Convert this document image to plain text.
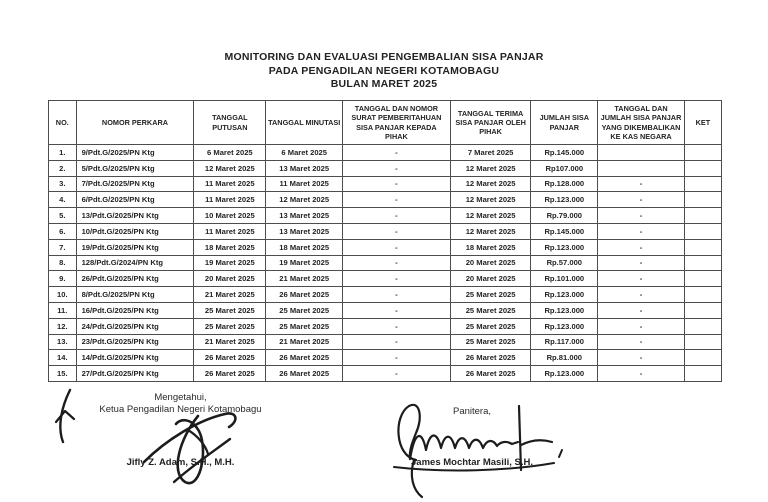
MONITORING DAN EVALUASI PENGEMBALIAN SISA PANJAR
PADA PENGADILAN NEGERI KOTAMOBAGU
BULAN MARET 2025
NO.	NOMOR PERKARA	TANGGAL PUTUSAN	TANGGAL MINUTASI	TANGGAL DAN NOMOR SURAT PEMBERITAHUAN SISA PANJAR KEPADA PIHAK	TANGGAL TERIMA SISA PANJAR OLEH PIHAK	JUMLAH SISA PANJAR	TANGGAL DAN JUMLAH SISA PANJAR YANG DIKEMBALIKAN KE KAS NEGARA	KET
1.	9/Pdt.G/2025/PN Ktg	6 Maret 2025	6 Maret 2025	-	7 Maret 2025	Rp.145.000		
2.	5/Pdt.G/2025/PN Ktg	12 Maret 2025	13 Maret 2025	-	12 Maret 2025	Rp107.000		
3.	7/Pdt.G/2025/PN Ktg	11 Maret 2025	11 Maret 2025	-	12 Maret 2025	Rp.128.000	-	
4.	6/Pdt.G/2025/PN Ktg	11 Maret 2025	12 Maret 2025	-	12 Maret 2025	Rp.123.000	-	
5.	13/Pdt.G/2025/PN Ktg	10 Maret 2025	13 Maret 2025	-	12 Maret 2025	Rp.79.000	-	
6.	10/Pdt.G/2025/PN Ktg	11 Maret 2025	13 Maret 2025	-	12 Maret 2025	Rp.145.000	-	
7.	19/Pdt.G/2025/PN Ktg	18 Maret 2025	18 Maret 2025	-	18 Maret 2025	Rp.123.000	-	
8.	128/Pdt.G/2024/PN Ktg	19 Maret 2025	19 Maret 2025	-	20 Maret 2025	Rp.57.000	-	
9.	26/Pdt.G/2025/PN Ktg	20 Maret 2025	21 Maret 2025	-	20 Maret 2025	Rp.101.000	-	
10.	8/Pdt.G/2025/PN Ktg	21 Maret 2025	26 Maret 2025	-	25 Maret 2025	Rp.123.000	-	
11.	16/Pdt.G/2025/PN Ktg	25 Maret 2025	25 Maret 2025	-	25 Maret 2025	Rp.123.000	-	
12.	24/Pdt.G/2025/PN Ktg	25 Maret 2025	25 Maret 2025	-	25 Maret 2025	Rp.123.000	-	
13.	23/Pdt.G/2025/PN Ktg	21 Maret 2025	21 Maret 2025	-	25 Maret 2025	Rp.117.000	-	
14.	14/Pdt.G/2025/PN Ktg	26 Maret 2025	26 Maret 2025	-	26 Maret 2025	Rp.81.000	-	
15.	27/Pdt.G/2025/PN Ktg	26 Maret 2025	26 Maret 2025	-	26 Maret 2025	Rp.123.000	-	
Mengetahui,
Ketua Pengadilan Negeri Kotamobagu
Jifly Z. Adam, S.H., M.H.
Panitera,
James Mochtar Masili, S.H.
